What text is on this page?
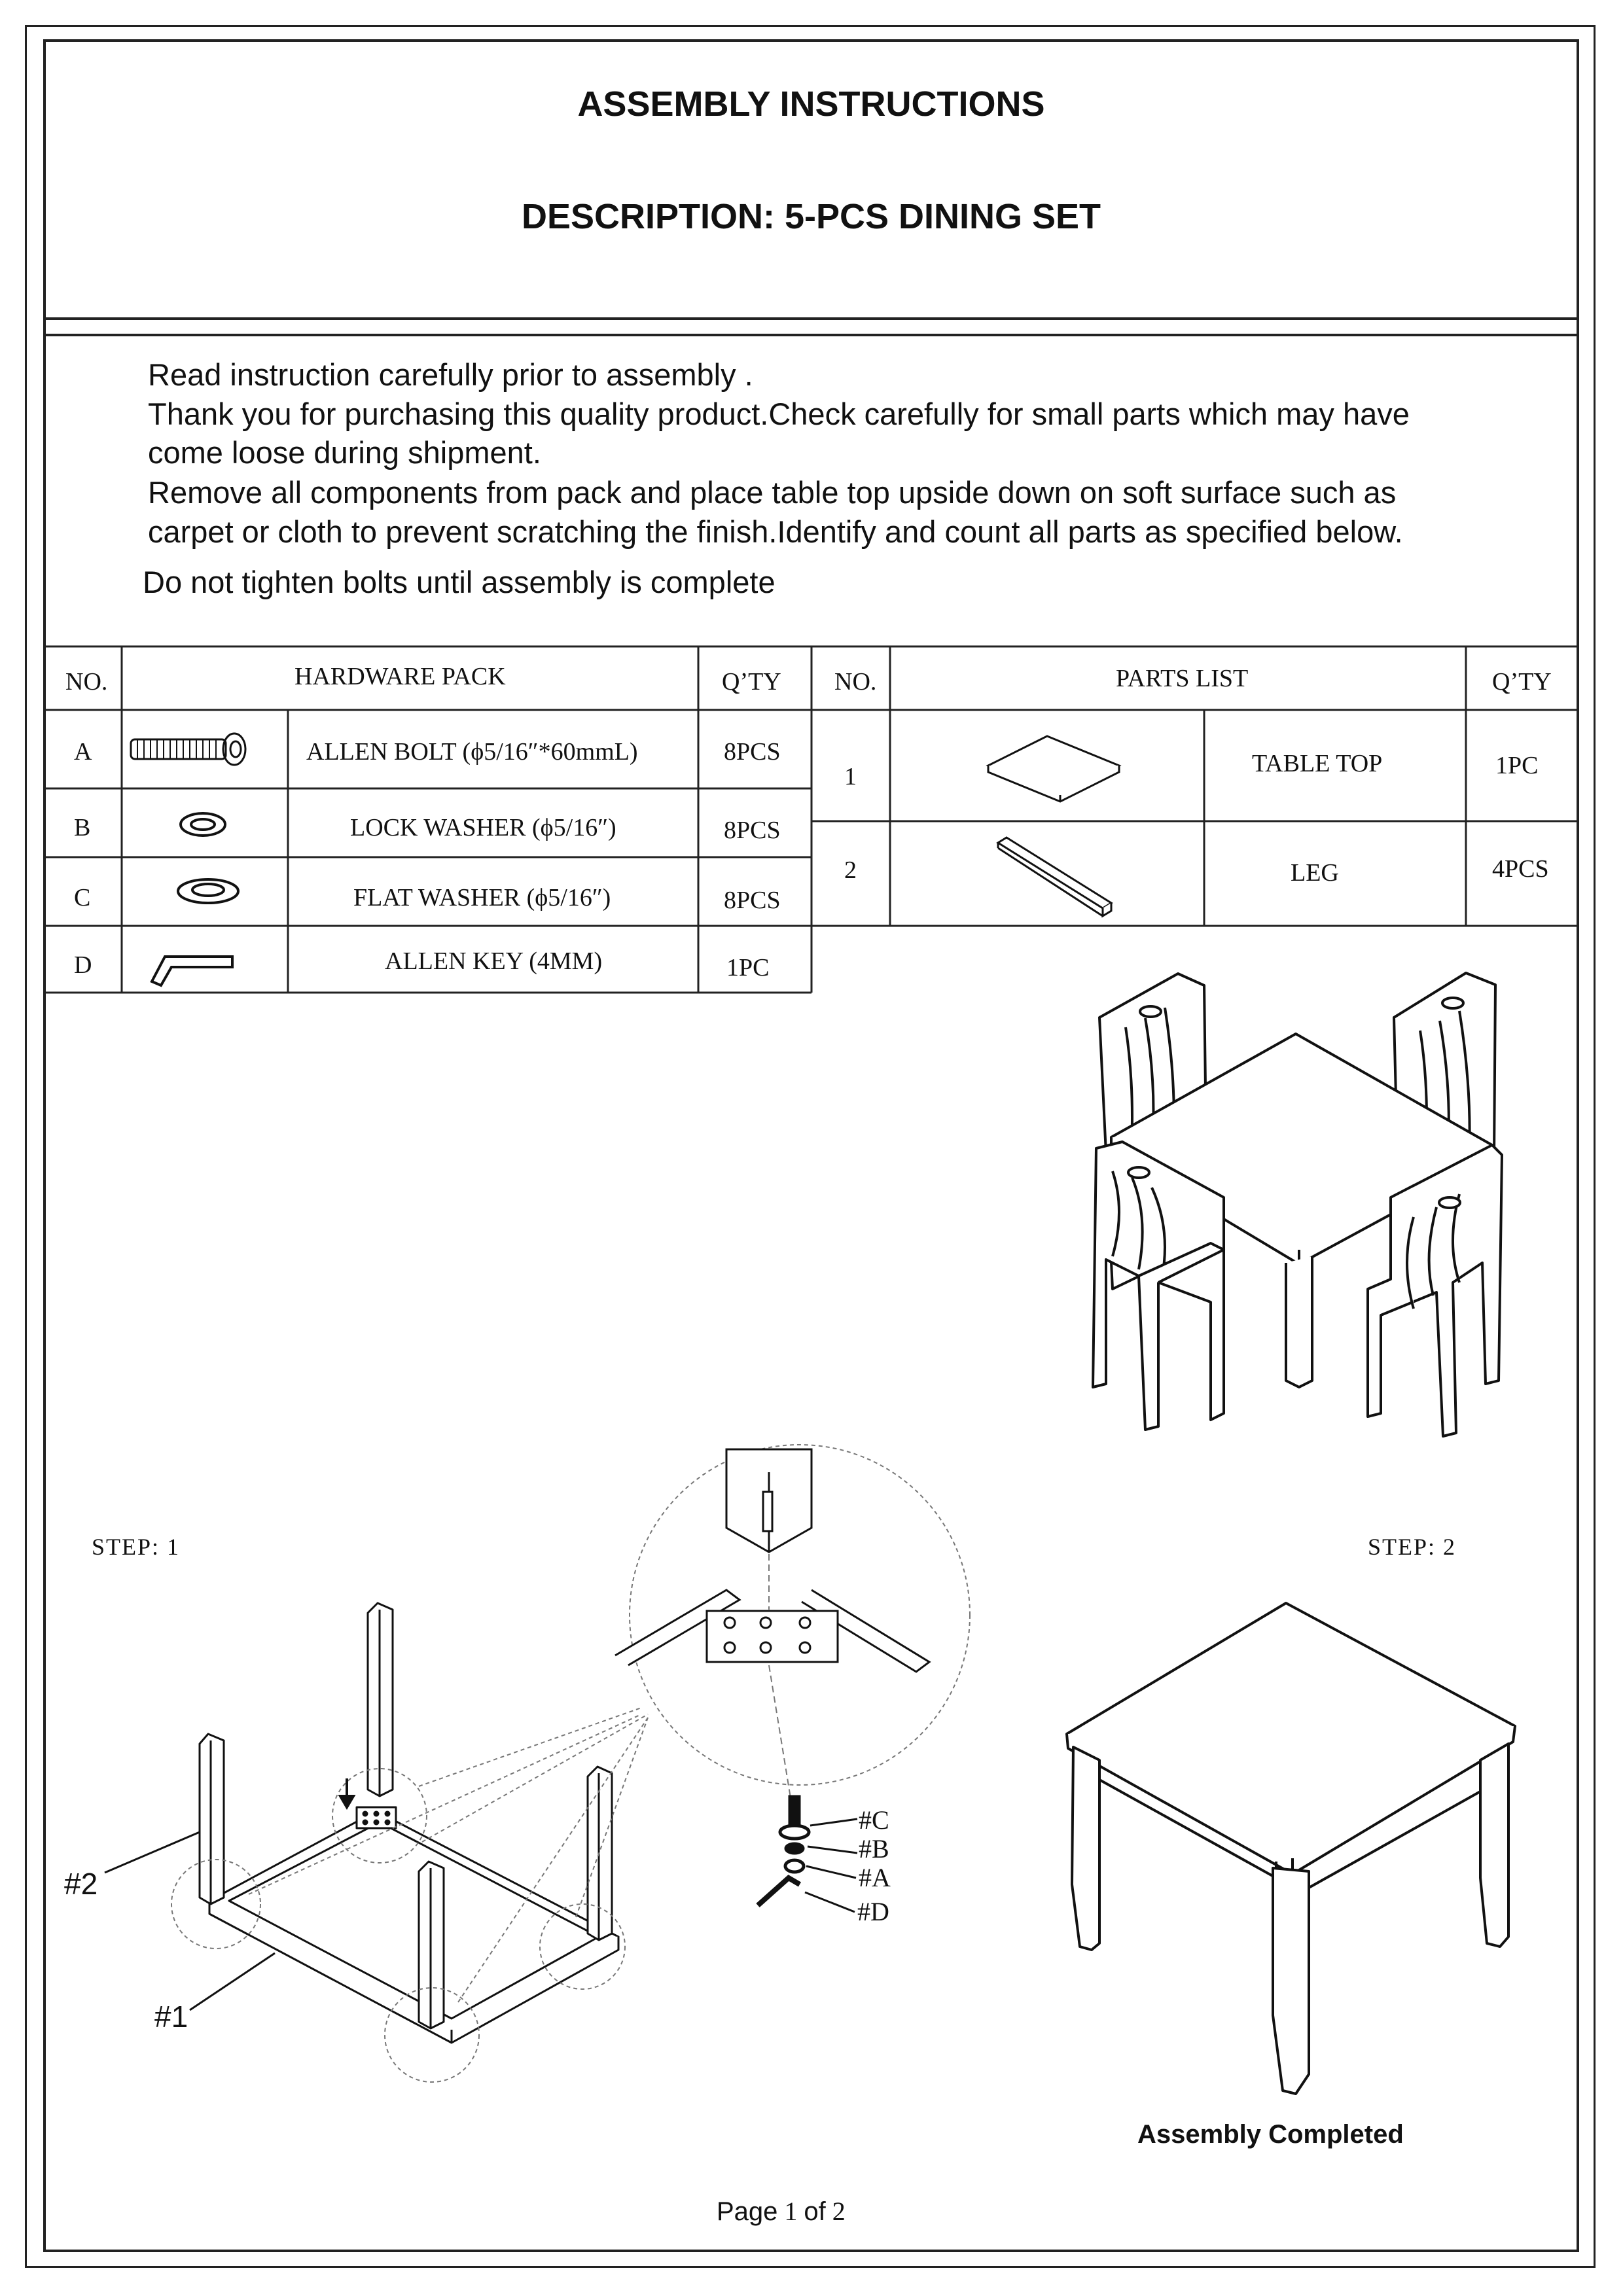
ASSEMBLY INSTRUCTIONS
DESCRIPTION: 5-PCS DINING SET
Read instruction carefully prior to assembly .
Thank you for purchasing this quality product.Check carefully for small parts which may have
come loose during shipment.
Remove all components from pack and place table top upside down on soft surface such as
carpet or cloth to prevent scratching the finish.Identify and count all parts as specified below.
Do not tighten bolts until assembly is complete
NO.	HARDWARE PACK	Q’TY
A	ALLEN BOLT (ϕ5/16″*60mmL)	8PCS
B	LOCK WASHER (ϕ5/16″)	8PCS
C	FLAT WASHER (ϕ5/16″)	8PCS
D	ALLEN KEY (4MM)	1PC
NO.	PARTS LIST	Q’TY
1	TABLE TOP	1PC
2	LEG	4PCS
STEP: 1	STEP: 2
#2
#1
#C
#B
#A
#D
Assembly Completed
Page 1 of 2
